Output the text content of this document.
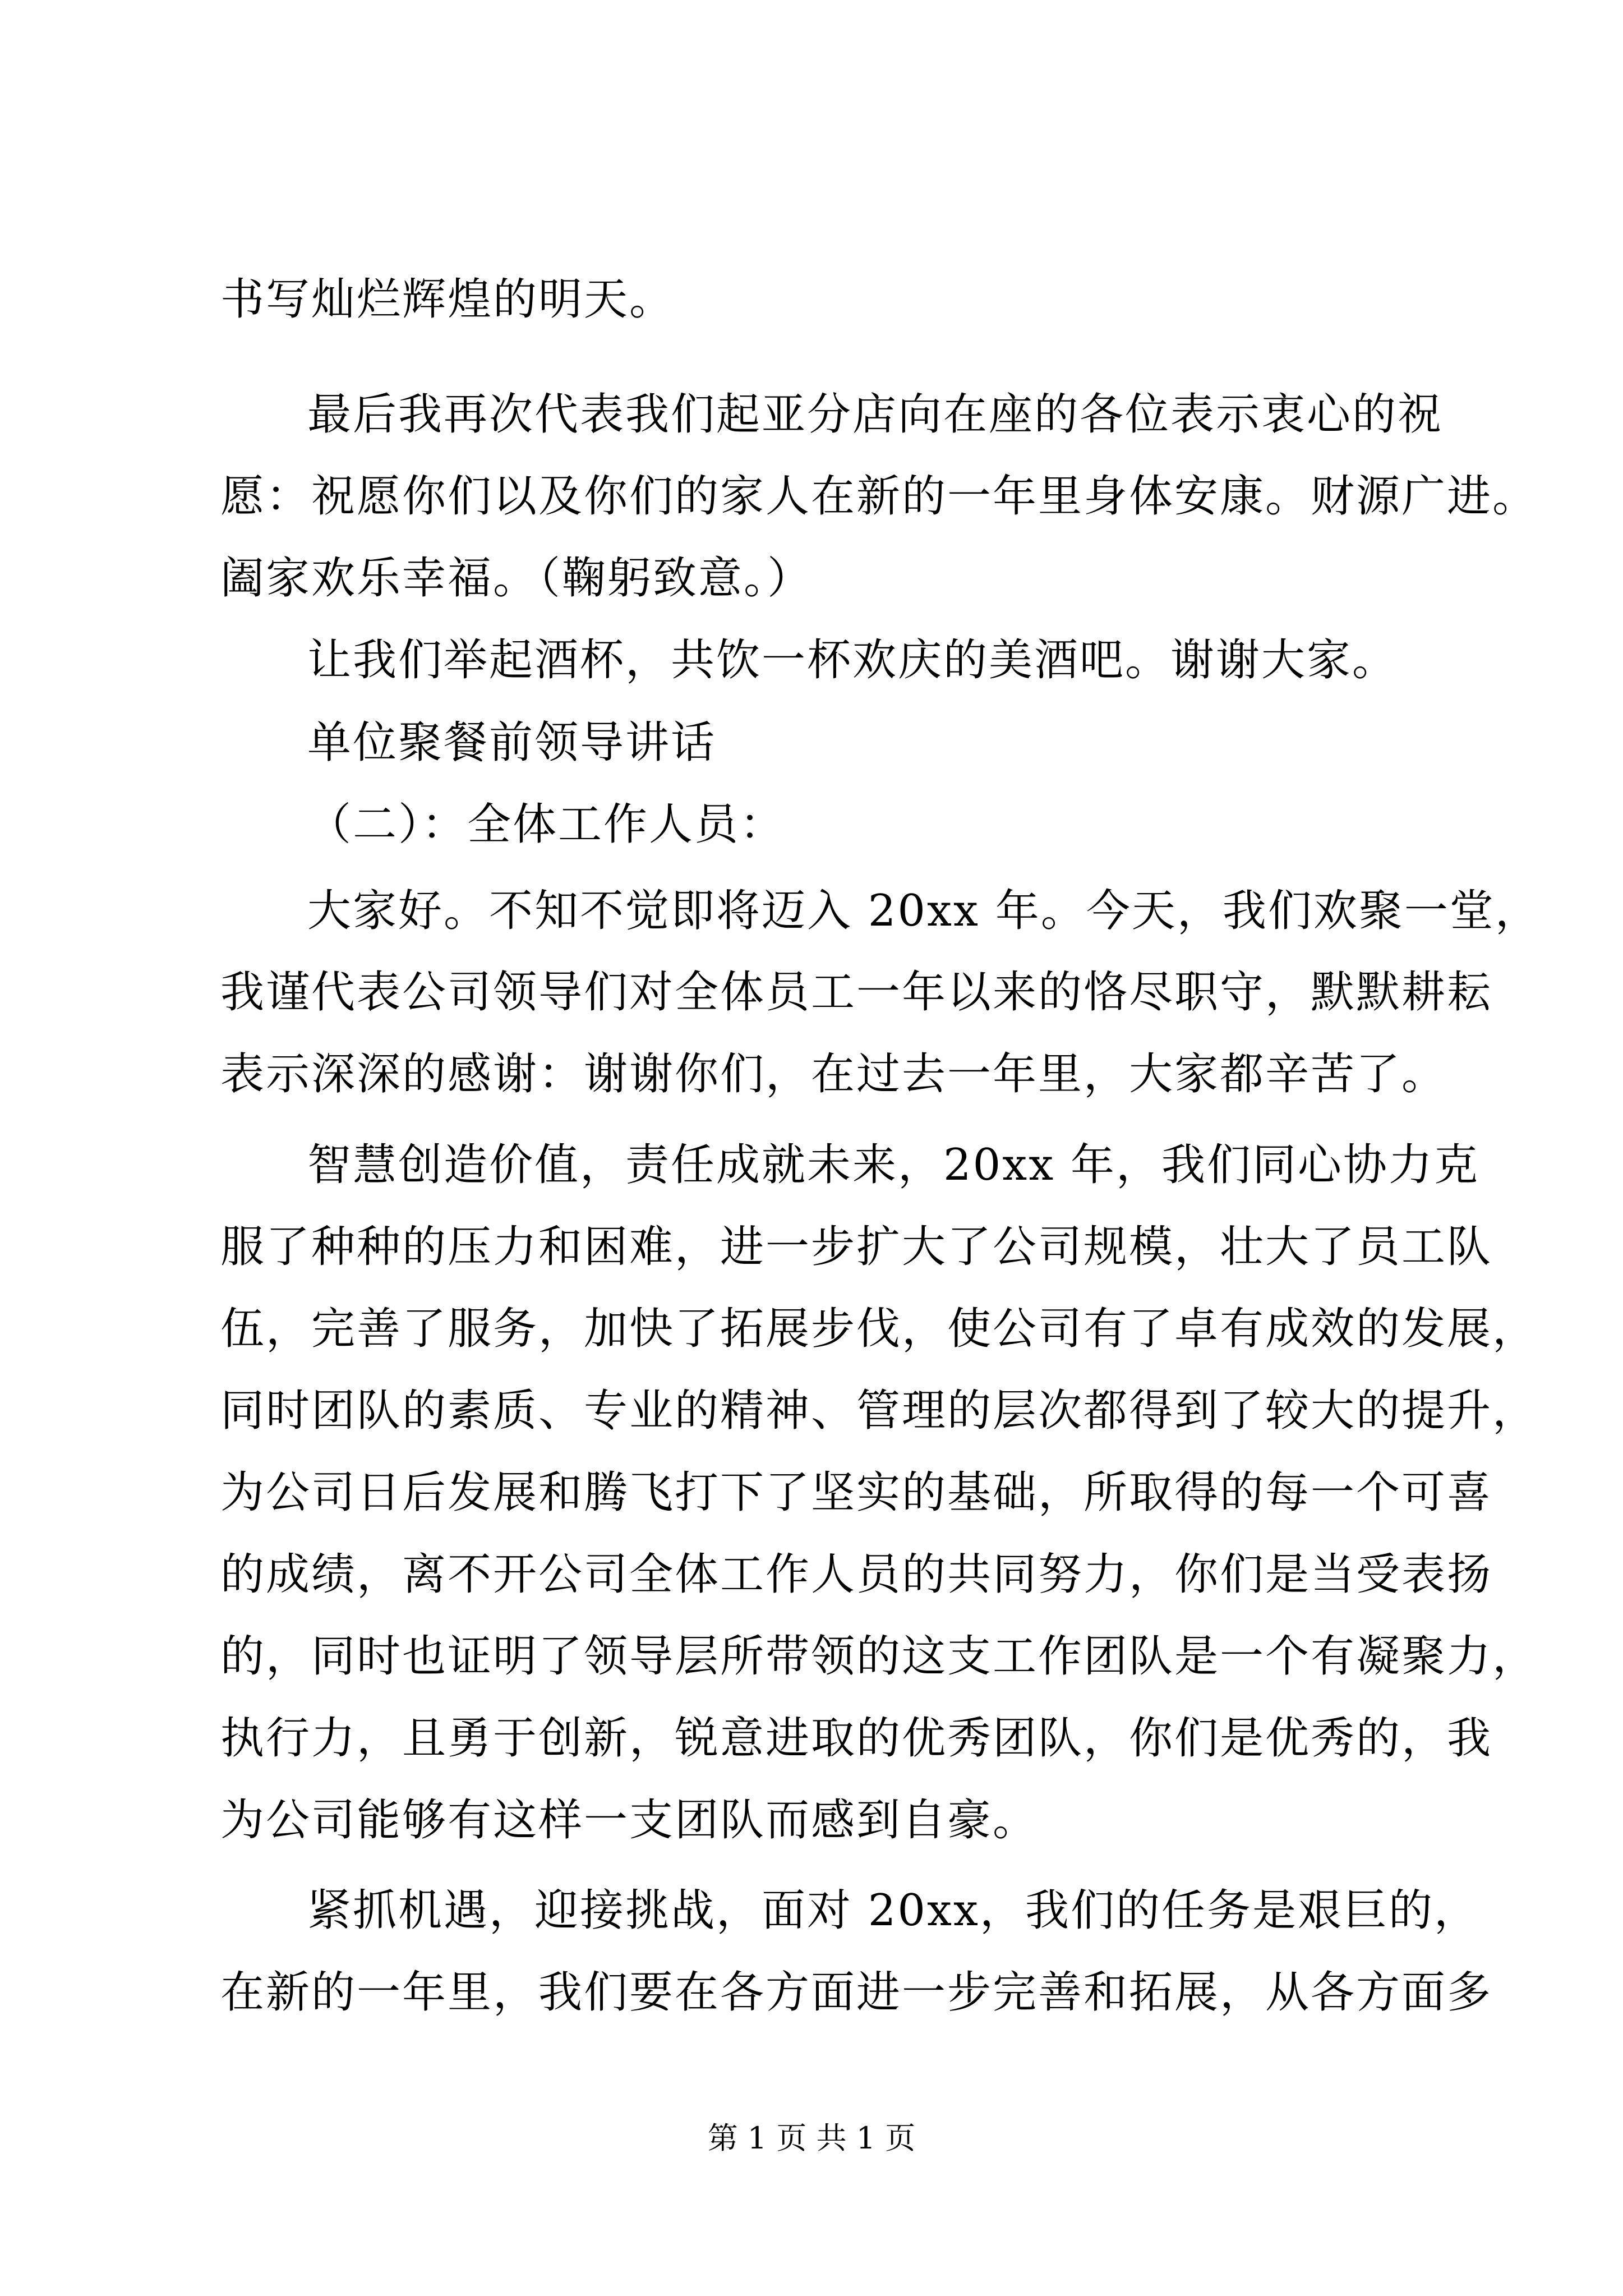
书写灿烂辉煌的明天。
最后我再次代表我们起亚分店向在座的各位表示衷心的祝
愿：祝愿你们以及你们的家人在新的一年里身体安康。财源广进。
阖家欢乐幸福。（鞠躬致意。）
让我们举起酒杯，共饮一杯欢庆的美酒吧。谢谢大家。
单位聚餐前领导讲话
（二）：全体工作人员：
大家好。不知不觉即将迈入 20xx 年。今天，我们欢聚一堂，
我谨代表公司领导们对全体员工一年以来的恪尽职守，默默耕耘
表示深深的感谢：谢谢你们，在过去一年里，大家都辛苦了。
智慧创造价值，责任成就未来，20xx 年，我们同心协力克
服了种种的压力和困难，进一步扩大了公司规模，壮大了员工队
伍，完善了服务，加快了拓展步伐，使公司有了卓有成效的发展，
同时团队的素质、专业的精神、管理的层次都得到了较大的提升，
为公司日后发展和腾飞打下了坚实的基础，所取得的每一个可喜
的成绩，离不开公司全体工作人员的共同努力，你们是当受表扬
的，同时也证明了领导层所带领的这支工作团队是一个有凝聚力，
执行力，且勇于创新，锐意进取的优秀团队，你们是优秀的，我
为公司能够有这样一支团队而感到自豪。
紧抓机遇，迎接挑战，面对 20xx，我们的任务是艰巨的，
在新的一年里，我们要在各方面进一步完善和拓展，从各方面多
第 1 页 共 1 页
